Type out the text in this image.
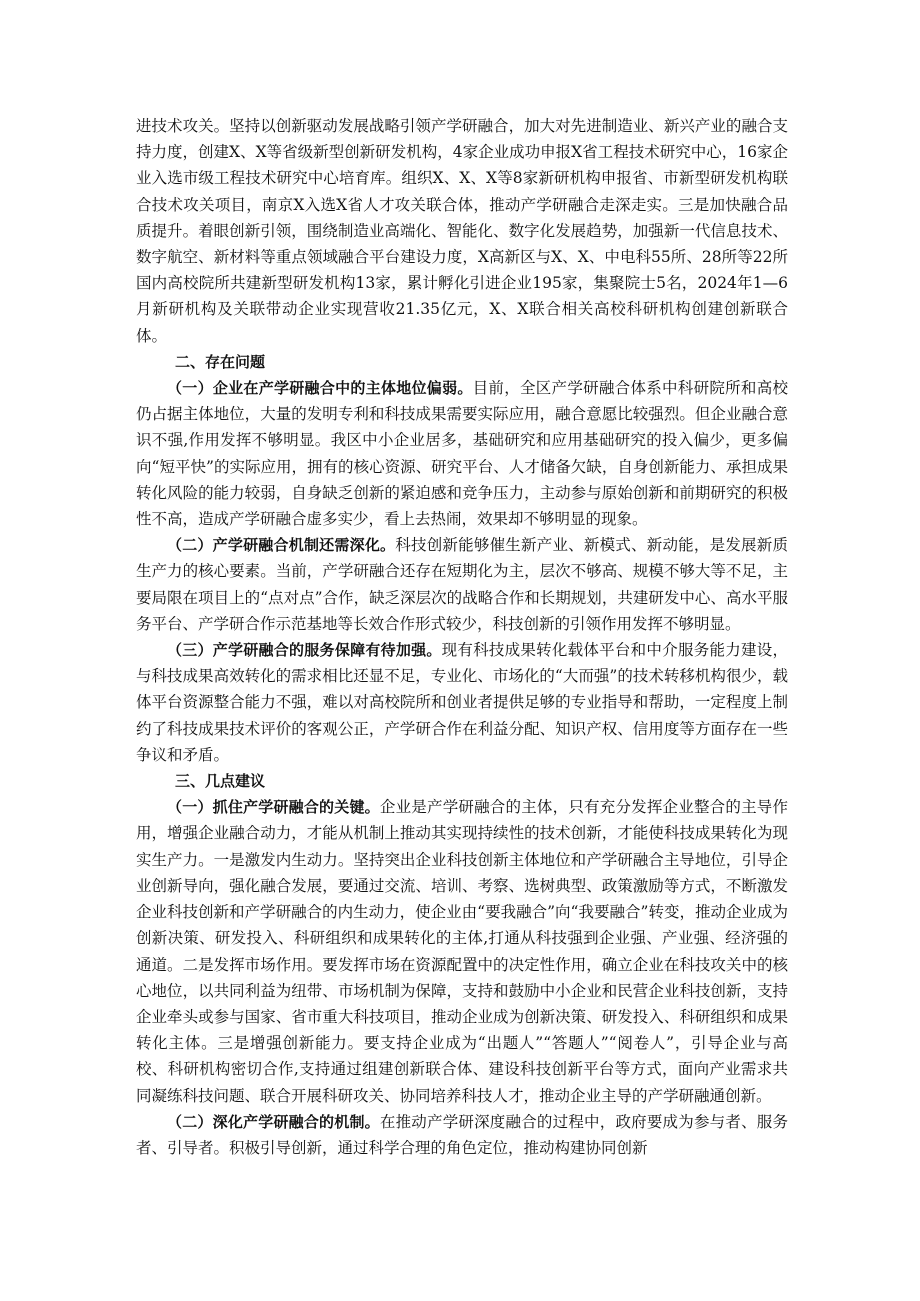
进技术攻关。坚持以创新驱动发展战略引领产学研融合，加大对先进制造业、新兴产业的融合支持力度，创建X、X等省级新型创新研发机构，4家企业成功申报X省工程技术研究中心，16家企业入选市级工程技术研究中心培育库。组织X、X、X等8家新研机构申报省、市新型研发机构联合技术攻关项目，南京X入选X省人才攻关联合体，推动产学研融合走深走实。三是加快融合品质提升。着眼创新引领，围绕制造业高端化、智能化、数字化发展趋势，加强新一代信息技术、数字航空、新材料等重点领域融合平台建设力度，X高新区与X、X、中电科55所、28所等22所国内高校院所共建新型研发机构13家，累计孵化引进企业195家，集聚院士5名，2024年1—6月新研机构及关联带动企业实现营收21.35亿元，X、X联合相关高校科研机构创建创新联合体。

二、存在问题

（一）企业在产学研融合中的主体地位偏弱。目前，全区产学研融合体系中科研院所和高校仍占据主体地位，大量的发明专利和科技成果需要实际应用，融合意愿比较强烈。但企业融合意识不强,作用发挥不够明显。我区中小企业居多，基础研究和应用基础研究的投入偏少，更多偏向“短平快”的实际应用，拥有的核心资源、研究平台、人才储备欠缺，自身创新能力、承担成果转化风险的能力较弱，自身缺乏创新的紧迫感和竞争压力，主动参与原始创新和前期研究的积极性不高，造成产学研融合虚多实少，看上去热闹，效果却不够明显的现象。

（二）产学研融合机制还需深化。科技创新能够催生新产业、新模式、新动能，是发展新质生产力的核心要素。当前，产学研融合还存在短期化为主，层次不够高、规模不够大等不足，主要局限在项目上的“点对点”合作，缺乏深层次的战略合作和长期规划，共建研发中心、高水平服务平台、产学研合作示范基地等长效合作形式较少，科技创新的引领作用发挥不够明显。

（三）产学研融合的服务保障有待加强。现有科技成果转化载体平台和中介服务能力建设，与科技成果高效转化的需求相比还显不足，专业化、市场化的“大而强”的技术转移机构很少，载体平台资源整合能力不强，难以对高校院所和创业者提供足够的专业指导和帮助，一定程度上制约了科技成果技术评价的客观公正，产学研合作在利益分配、知识产权、信用度等方面存在一些争议和矛盾。

三、几点建议

（一）抓住产学研融合的关键。企业是产学研融合的主体，只有充分发挥企业整合的主导作用，增强企业融合动力，才能从机制上推动其实现持续性的技术创新，才能使科技成果转化为现实生产力。一是激发内生动力。坚持突出企业科技创新主体地位和产学研融合主导地位，引导企业创新导向，强化融合发展，要通过交流、培训、考察、选树典型、政策激励等方式，不断激发企业科技创新和产学研融合的内生动力，使企业由“要我融合”向“我要融合”转变，推动企业成为创新决策、研发投入、科研组织和成果转化的主体,打通从科技强到企业强、产业强、经济强的通道。二是发挥市场作用。要发挥市场在资源配置中的决定性作用，确立企业在科技攻关中的核心地位，以共同利益为纽带、市场机制为保障，支持和鼓励中小企业和民营企业科技创新，支持企业牵头或参与国家、省市重大科技项目，推动企业成为创新决策、研发投入、科研组织和成果转化主体。三是增强创新能力。要支持企业成为“出题人”“答题人”“阅卷人”，引导企业与高校、科研机构密切合作,支持通过组建创新联合体、建设科技创新平台等方式，面向产业需求共同凝练科技问题、联合开展科研攻关、协同培养科技人才，推动企业主导的产学研融通创新。

（二）深化产学研融合的机制。在推动产学研深度融合的过程中，政府要成为参与者、服务者、引导者。积极引导创新，通过科学合理的角色定位，推动构建协同创新
